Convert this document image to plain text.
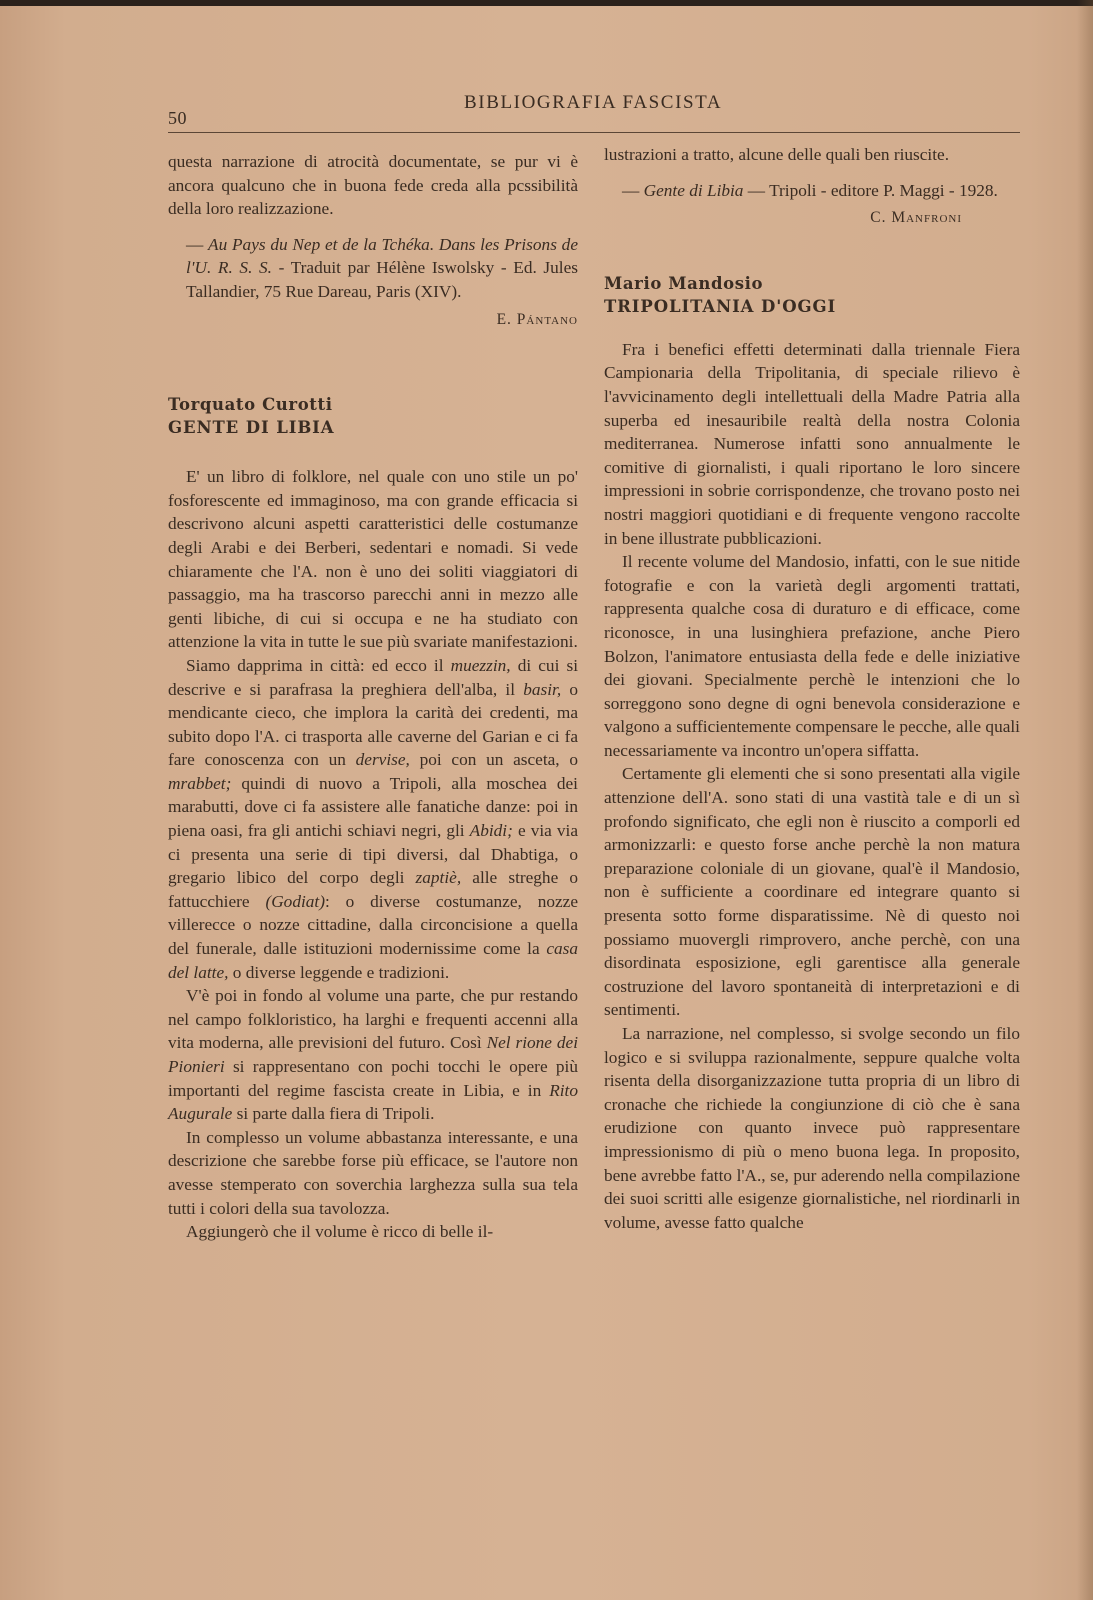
50
BIBLIOGRAFIA FASCISTA

questa narrazione di atrocità documentate, se pur vi è ancora qualcuno che in buona fede creda alla pcssibilità della loro realizzazione.

— Au Pays du Nep et de la Tchéka. Dans les Prisons de l'U. R. S. S. - Traduit par Hélène Iswolsky - Ed. Jules Tallandier, 75 Rue Dareau, Paris (XIV).

E. Pántano

Torquato Curotti

GENTE DI LIBIA

E' un libro di folklore, nel quale con uno stile un po' fosforescente ed immaginoso, ma con grande efficacia si descrivono alcuni aspetti caratteristici delle costumanze degli Arabi e dei Berberi, sedentari e nomadi. Si vede chiaramente che l'A. non è uno dei soliti viaggiatori di passaggio, ma ha trascorso parecchi anni in mezzo alle genti libiche, di cui si occupa e ne ha studiato con attenzione la vita in tutte le sue più svariate manifestazioni.

Siamo dapprima in città: ed ecco il muezzin, di cui si descrive e si parafrasa la preghiera dell'alba, il basir, o mendicante cieco, che implora la carità dei credenti, ma subito dopo l'A. ci trasporta alle caverne del Garian e ci fa fare conoscenza con un dervise, poi con un asceta, o mrabbet; quindi di nuovo a Tripoli, alla moschea dei marabutti, dove ci fa assistere alle fanatiche danze: poi in piena oasi, fra gli antichi schiavi negri, gli Abidi; e via via ci presenta una serie di tipi diversi, dal Dhabtiga, o gregario libico del corpo degli zaptiè, alle streghe o fattucchiere (Godiat): o diverse costumanze, nozze villerecce o nozze cittadine, dalla circoncisione a quella del funerale, dalle istituzioni modernissime come la casa del latte, o diverse leggende e tradizioni.

V'è poi in fondo al volume una parte, che pur restando nel campo folkloristico, ha larghi e frequenti accenni alla vita moderna, alle previsioni del futuro. Così Nel rione dei Pionieri si rappresentano con pochi tocchi le opere più importanti del regime fascista create in Libia, e in Rito Augurale si parte dalla fiera di Tripoli.

In complesso un volume abbastanza interessante, e una descrizione che sarebbe forse più efficace, se l'autore non avesse stemperato con soverchia larghezza sulla sua tela tutti i colori della sua tavolozza.

Aggiungerò che il volume è ricco di belle il-

lustrazioni a tratto, alcune delle quali ben riuscite.

— Gente di Libia — Tripoli - editore P. Maggi - 1928.

C. Manfroni

Mario Mandosio

TRIPOLITANIA D'OGGI

Fra i benefici effetti determinati dalla triennale Fiera Campionaria della Tripolitania, di speciale rilievo è l'avvicinamento degli intellettuali della Madre Patria alla superba ed inesauribile realtà della nostra Colonia mediterranea. Numerose infatti sono annualmente le comitive di giornalisti, i quali riportano le loro sincere impressioni in sobrie corrispondenze, che trovano posto nei nostri maggiori quotidiani e di frequente vengono raccolte in bene illustrate pubblicazioni.

Il recente volume del Mandosio, infatti, con le sue nitide fotografie e con la varietà degli argomenti trattati, rappresenta qualche cosa di duraturo e di efficace, come riconosce, in una lusinghiera prefazione, anche Piero Bolzon, l'animatore entusiasta della fede e delle iniziative dei giovani. Specialmente perchè le intenzioni che lo sorreggono sono degne di ogni benevola considerazione e valgono a sufficientemente compensare le pecche, alle quali necessariamente va incontro un'opera siffatta.

Certamente gli elementi che si sono presentati alla vigile attenzione dell'A. sono stati di una vastità tale e di un sì profondo significato, che egli non è riuscito a comporli ed armonizzarli: e questo forse anche perchè la non matura preparazione coloniale di un giovane, qual'è il Mandosio, non è sufficiente a coordinare ed integrare quanto si presenta sotto forme disparatissime. Nè di questo noi possiamo muovergli rimprovero, anche perchè, con una disordinata esposizione, egli garentisce alla generale costruzione del lavoro spontaneità di interpretazioni e di sentimenti.

La narrazione, nel complesso, si svolge secondo un filo logico e si sviluppa razionalmente, seppure qualche volta risenta della disorganizzazione tutta propria di un libro di cronache che richiede la congiunzione di ciò che è sana erudizione con quanto invece può rappresentare impressionismo di più o meno buona lega. In proposito, bene avrebbe fatto l'A., se, pur aderendo nella compilazione dei suoi scritti alle esigenze giornalistiche, nel riordinarli in volume, avesse fatto qualche
